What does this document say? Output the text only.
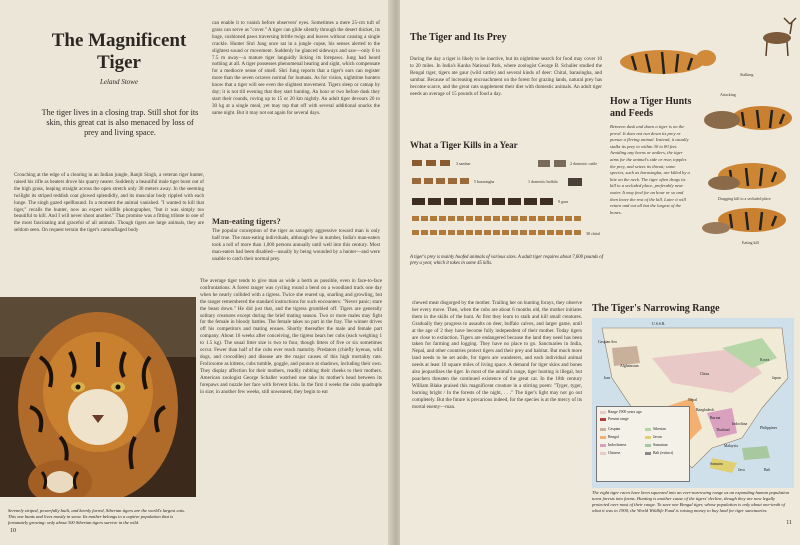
The Magnificent
Tiger
Leland Stowe
The tiger lives in a closing trap. Still shot for its skin, this great cat is also menaced by loss of prey and living space.
Crouching at the edge of a clearing in an Indian jungle, Ranjit Singh, a veteran tiger hunter, raised his rifle as beaters drove his quarry nearer. Suddenly a beautiful male tiger burst out of the high grass, leaping straight across the open stretch only 30 meters away. In the seeming twilight its striped reddish coat glowed splendidly, and its muscular body rippled with each lunge. The singh gazed spellbound. In a moment the animal vanished. "I wanted to kill that tiger," recalls the hunter, now an expert wildlife photographer, "but it was simply too beautiful to kill. And I will never shoot another." That promise was a fitting tribute to one of the most fascinating and graceful of all animals. Though tigers are large animals, they are seldom seen. On request terrain the tiger's camouflaged body
can enable it to vanish before observers' eyes. Sometimes a mere 25-cm tuft of grass can serve as "cover." A tiger can glide silently through the desert thicket, its huge, cushioned paws traversing brittle twigs and leaves without causing a single crackle. Hunter Shri Jung once sat in a jungle copse, his senses alerted to the slightest sound or movement. Suddenly he glanced sideways and saw—only 6 to 7.5 m away—a mature tiger languidly licking its forepaws. Jung had heard nothing at all. A tiger possesses phenomenal hearing and sight, which compensate for a mediocre sense of smell. Shri Jung reports that a tiger's ears can register more than the seven octaves normal for humans. As for vision, nighttime hunters know that a tiger will see even the slightest movement. Tigers sleep or catnap by day; it is not till evening that they start hunting. An hour or two before dusk they start their rounds, roving up to 15 or 20 km nightly. An adult tiger devours 20 to 30 kg at a single meal, yet may top that off with several additional snacks the same night. But it may not eat again for several days.
Man-eating tigers?
The popular conception of the tiger as savagely aggressive toward man is only half true. The man-eating individuals, although few in number, India's man-eaters took a toll of more than 1,000 persons annually until well into this century. Most man-eaters had been disabled—usually by being wounded by a hunter—and were unable to catch their normal prey.
The average tiger tends to give man as wide a berth as possible, even in face-to-face confrontations. A forest ranger was cycling round a bend on a woodland track one day when he nearly collided with a tigress. Twice she reared up, snarling and growling, but the ranger remembered the standard instructions for such encounters: "Never panic; stare the beast down." He did just that, and the tigress grumbled off. Tigers are generally solitary creatures except during the brief mating season. Two or more males may fight for the female in bloody battles. The female takes no part in the fray. The winner drives off his competitors and mating ensues. Shortly thereafter the male and female part company. About 16 weeks after conceiving, the tigress bears her cubs (each weighing 1 to 1.5 kg). The usual litter size is two to four, though litters of five or six sometimes occur. Fewer than half of the cubs ever reach maturity. Predators (chiefly hyenas, wild dogs, and crocodiles) and disease are the major causes of this high mortality rate. Frolicsome as kittens, cubs tumble, goggle, and pounce at shadows, including their own. They display affection for their mothers, readily rubbing their cheeks to their mothers. American zoologist George Schaller watched one take its mother's head between its forepaws and nuzzle her face with fervent licks. In the first 4 weeks the cubs quadruple in size; in another few weeks, still unweaned, they begin to eat
Serenely striped, powerfully built, and keenly furred, Siberian tigers are the world's largest cats. This one hunts and lives mostly in snow. Its mother belongs to a captive population that is fortunately growing: only about 300 Siberian tigers survive in the wild.
10
The Tiger and Its Prey
During the day a tiger is likely to be inactive, but its nighttime search for food may cover 10 to 20 miles. In India's Kanha National Park, where zoologist George B. Schaller studied the Bengal tiger, tigers ate gaur (wild cattle) and several kinds of deer: Chital, barasingha, and sambar. Because of increasing encroachment on the forest for grazing lands, natural prey has become scarce, and the great cats supplement their diet with domestic animals. An adult tiger needs an average of 15 pounds of food a day.
What a Tiger Kills in a Year
3 sambar	2 domestic cattle
5 barasingha	1 domestic buffalo
9 gaur
38 chital
A tiger's prey is mainly hoofed animals of various sizes. A adult tiger requires about 7,600 pounds of prey a year, which it takes in some 45 kills.
Stalking
Attacking
Dragging kill to a secluded place
Eating kill
How a Tiger Hunts and Feeds
Between dusk and dawn a tiger is on the prowl. It does not run down its prey or pursue a fleeing animal. Instead, it usually stalks its prey to within 30 to 80 feet. Avoiding any horns or antlers, the tiger aims for the animal's side or rear, topples the prey, and seizes its throat; some species, such as barasingha, are killed by a bite on the neck. The tiger often drags its kill to a secluded place, preferably near water. It may feed for an hour or so and then leave the rest of the kill. Later it will return and eat all but the largest of the bones.
chewed meat disgorged by the mother. Trailing her on hunting forays, they observe her every move. Then, when the cubs are about 6 months old, the mother initiates them in the skills of the hunt. At first they learn to stalk and kill small creatures. Gradually they progress to assaults on deer, buffalo calves, and larger game, until at the age of 2 they have become fully independent of their mother. Today tigers are close to extinction. Tigers are endangered because the land they need has been taken for farming and logging. They have no place to go. Sanctuaries in India, Nepal, and other countries protect tigers and their prey and habitat. But much more land needs to be set aside, for tigers are wanderers, and each individual animal needs at least 10 square miles of living space. A demand for tiger skins and bones also jeopardizes the tiger. In most of the animal's range, tiger hunting is illegal, but poachers threaten the continued existence of the great cat. In the 18th century William Blake praised this magnificent creature in a stirring poem: "Tyger, tyger, burning bright / In the forests of the night, . . ." The tiger's light may not go out completely. But the future is precarious indeed, for the species is at the mercy of its mortal enemy—man.
The Tiger's Narrowing Range
U.S.S.R.
Caspian Sea
Afghanistan
Iran
China
Korea
Japan
Nepal
Bangladesh
Burma
Thailand
Indochina
Malaysia
Philippines
Sumatra
Java	Bali
Range 1900 years ago
Present range
Caspian	Siberian
Bengal	Javan
Indochinese	Sumatran
Chinese	Bali (extinct)
The eight tiger races have been squeezed into an ever-narrowing range as an expanding human population turns forests into farms. Hunting is another cause of the tigers' decline, though they are now legally protected over most of their range. To save one Bengal tiger, whose population is only about one-tenth of what it was in 1900, the World Wildlife Fund is raising money to buy land for tiger sanctuaries.
11
